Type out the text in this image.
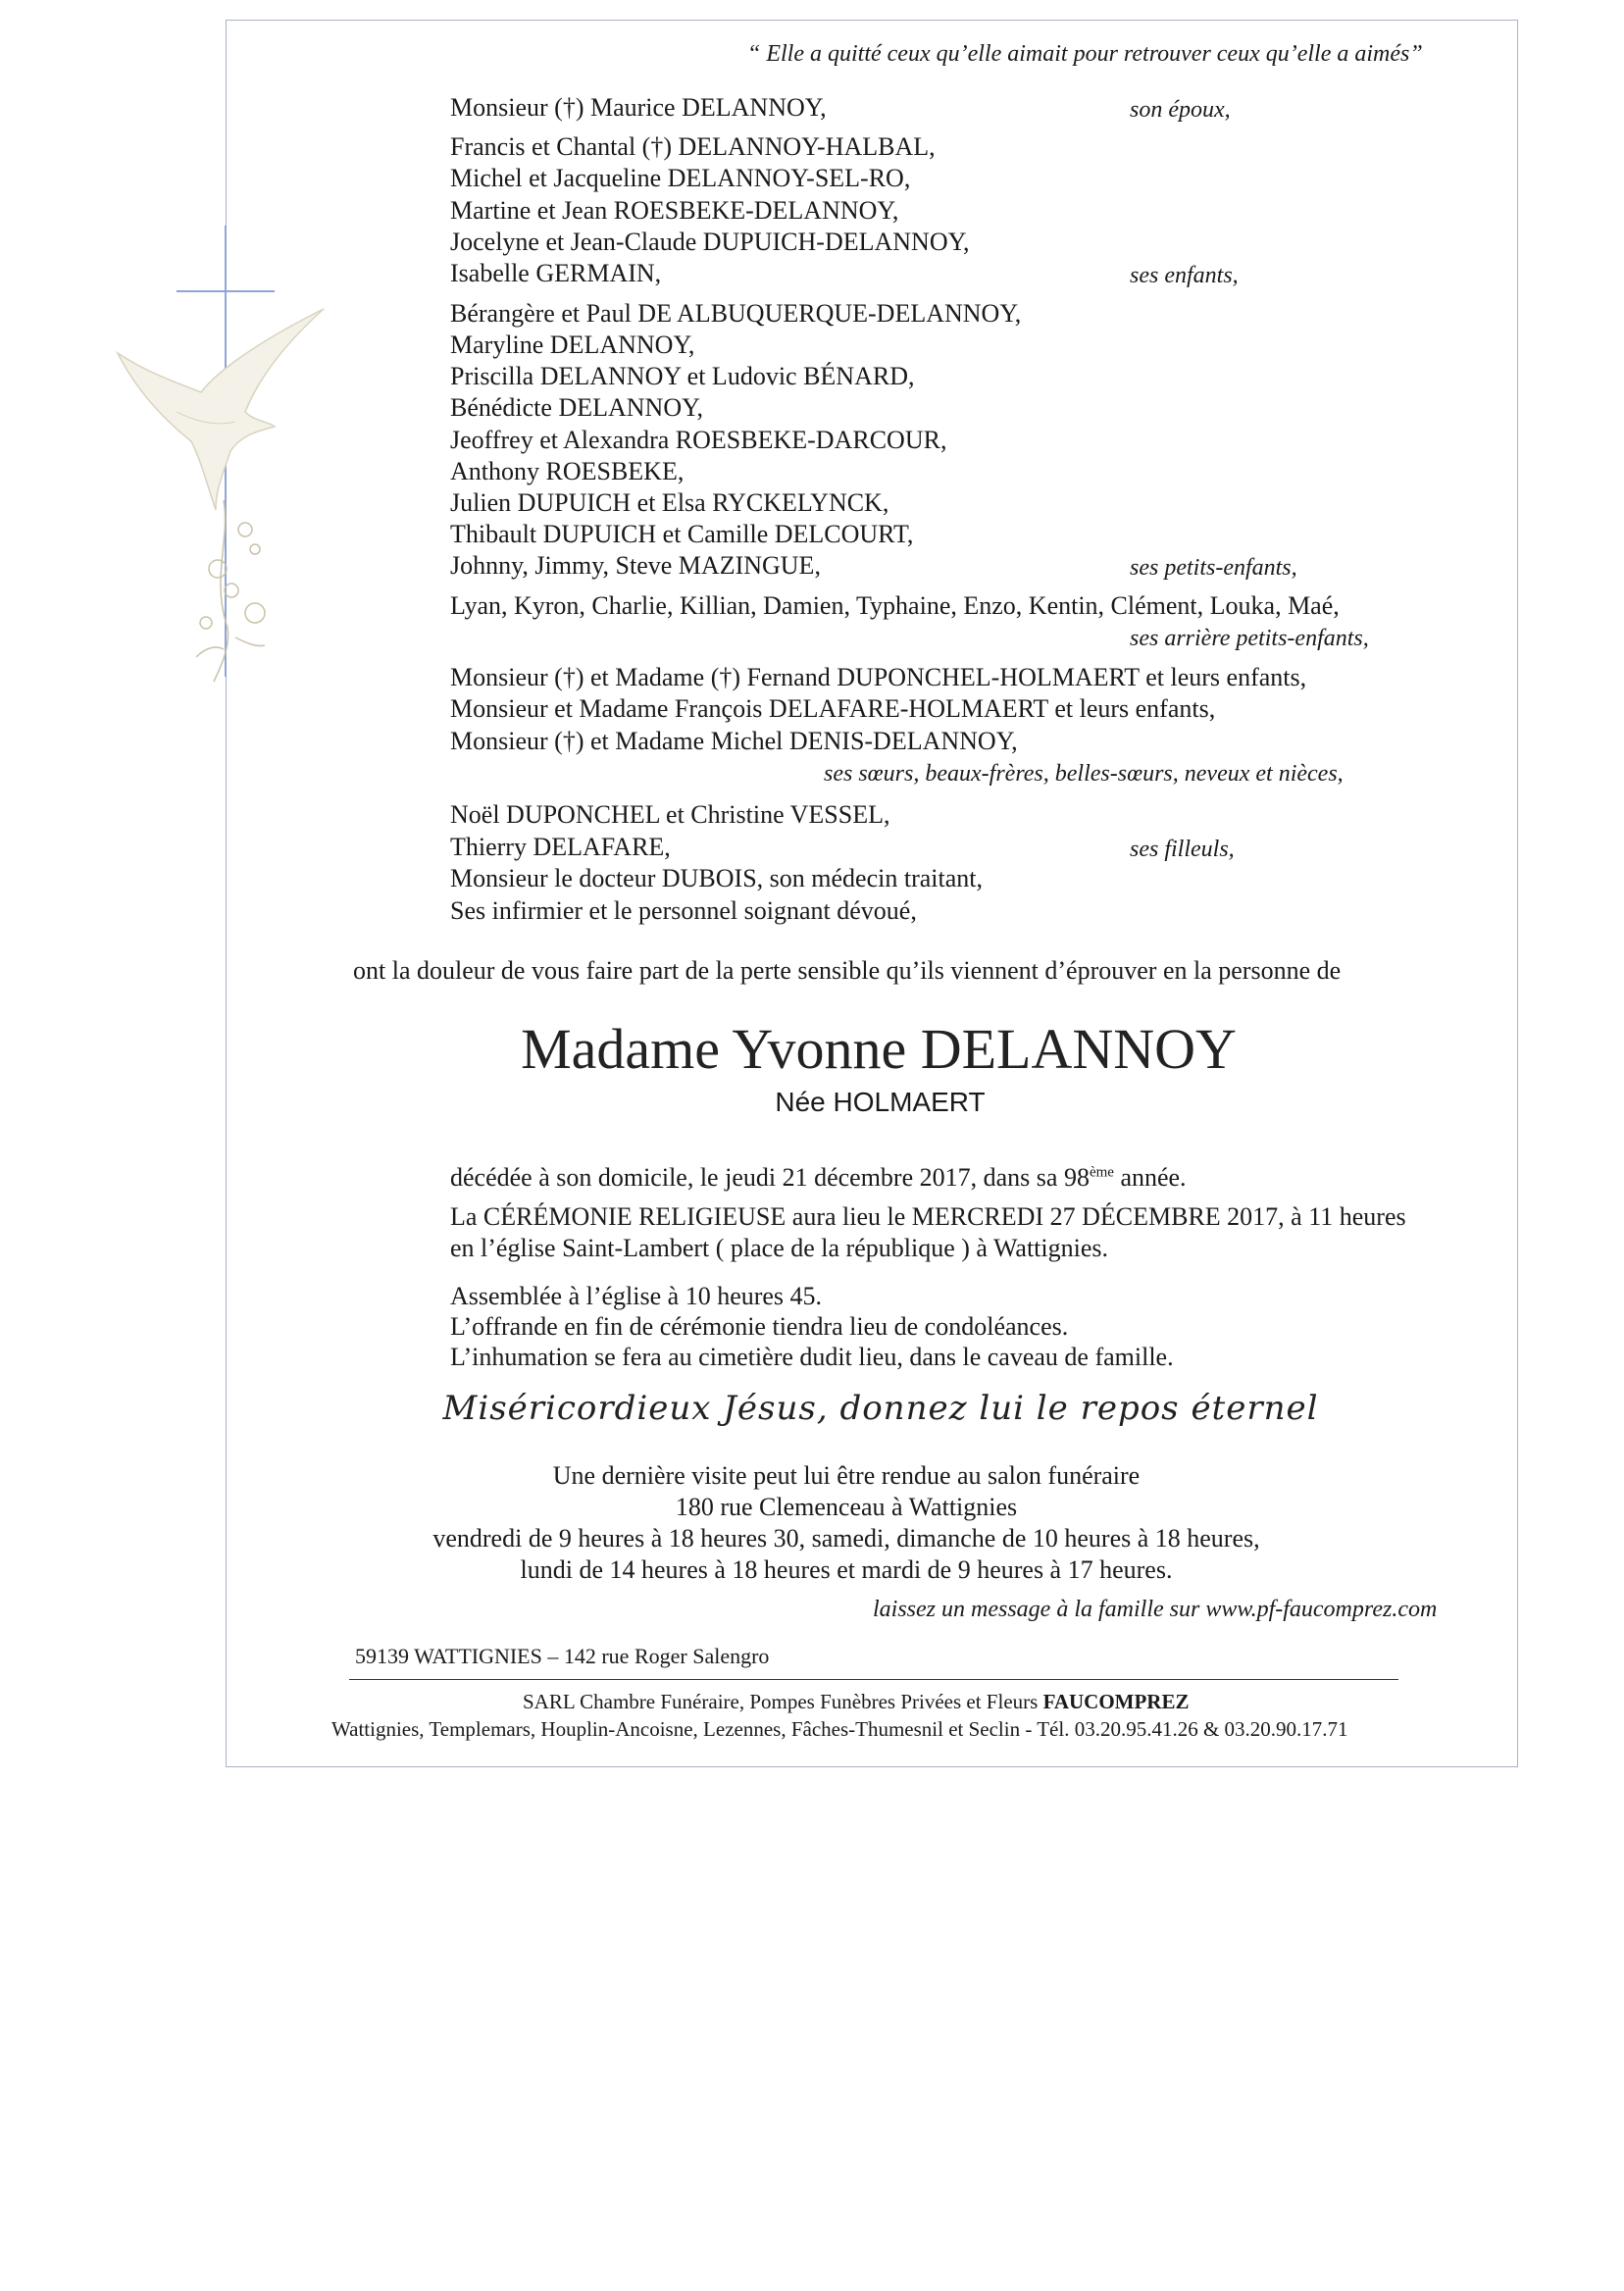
“ Elle a quitté ceux qu’elle aimait pour retrouver ceux qu’elle a aimés”
Monsieur (†) Maurice DELANNOY,	son époux,
Francis et Chantal (†) DELANNOY-HALBAL,
Michel et Jacqueline DELANNOY-SEL-RO,
Martine et Jean ROESBEKE-DELANNOY,
Jocelyne et Jean-Claude DUPUICH-DELANNOY,
Isabelle GERMAIN,	ses enfants,
Bérangère et Paul DE ALBUQUERQUE-DELANNOY,
Maryline DELANNOY,
Priscilla DELANNOY et Ludovic BÉNARD,
Bénédicte DELANNOY,
Jeoffrey et Alexandra ROESBEKE-DARCOUR,
Anthony ROESBEKE,
Julien DUPUICH et Elsa RYCKELYNCK,
Thibault DUPUICH et Camille DELCOURT,
Johnny, Jimmy, Steve MAZINGUE,	ses petits-enfants,
Lyan, Kyron, Charlie, Killian, Damien, Typhaine, Enzo, Kentin, Clément, Louka, Maé,
ses arrière petits-enfants,
Monsieur (†) et Madame (†) Fernand DUPONCHEL-HOLMAERT et leurs enfants,
Monsieur et Madame François DELAFARE-HOLMAERT et leurs enfants,
Monsieur (†) et Madame Michel DENIS-DELANNOY,
ses sœurs, beaux-frères, belles-sœurs, neveux et nièces,
Noël DUPONCHEL et Christine VESSEL,
Thierry DELAFARE,	ses filleuls,
Monsieur le docteur DUBOIS, son médecin traitant,
Ses infirmier et le personnel soignant dévoué,
ont la douleur de vous faire part de la perte sensible qu’ils viennent d’éprouver en la personne de
Madame Yvonne DELANNOY
Née HOLMAERT
décédée à son domicile, le jeudi 21 décembre 2017, dans sa 98ème année.
La CÉRÉMONIE RELIGIEUSE aura lieu le MERCREDI 27 DÉCEMBRE 2017, à 11 heures
en l’église Saint-Lambert ( place de la république ) à Wattignies.
Assemblée à l’église à 10 heures 45.
L’offrande en fin de cérémonie tiendra lieu de condoléances.
L’inhumation se fera au cimetière dudit lieu, dans le caveau de famille.
Miséricordieux Jésus, donnez lui le repos éternel
Une dernière visite peut lui être rendue au salon funéraire
180 rue Clemenceau à Wattignies
vendredi de 9 heures à 18 heures 30, samedi, dimanche de 10 heures à 18 heures,
lundi de 14 heures à 18 heures et mardi de 9 heures à 17 heures.
laissez un message à la famille sur www.pf-faucomprez.com
59139 WATTIGNIES – 142 rue Roger Salengro
SARL Chambre Funéraire, Pompes Funèbres Privées et Fleurs FAUCOMPREZ
Wattignies, Templemars, Houplin-Ancoisne, Lezennes, Fâches-Thumesnil et Seclin - Tél. 03.20.95.41.26 & 03.20.90.17.71
